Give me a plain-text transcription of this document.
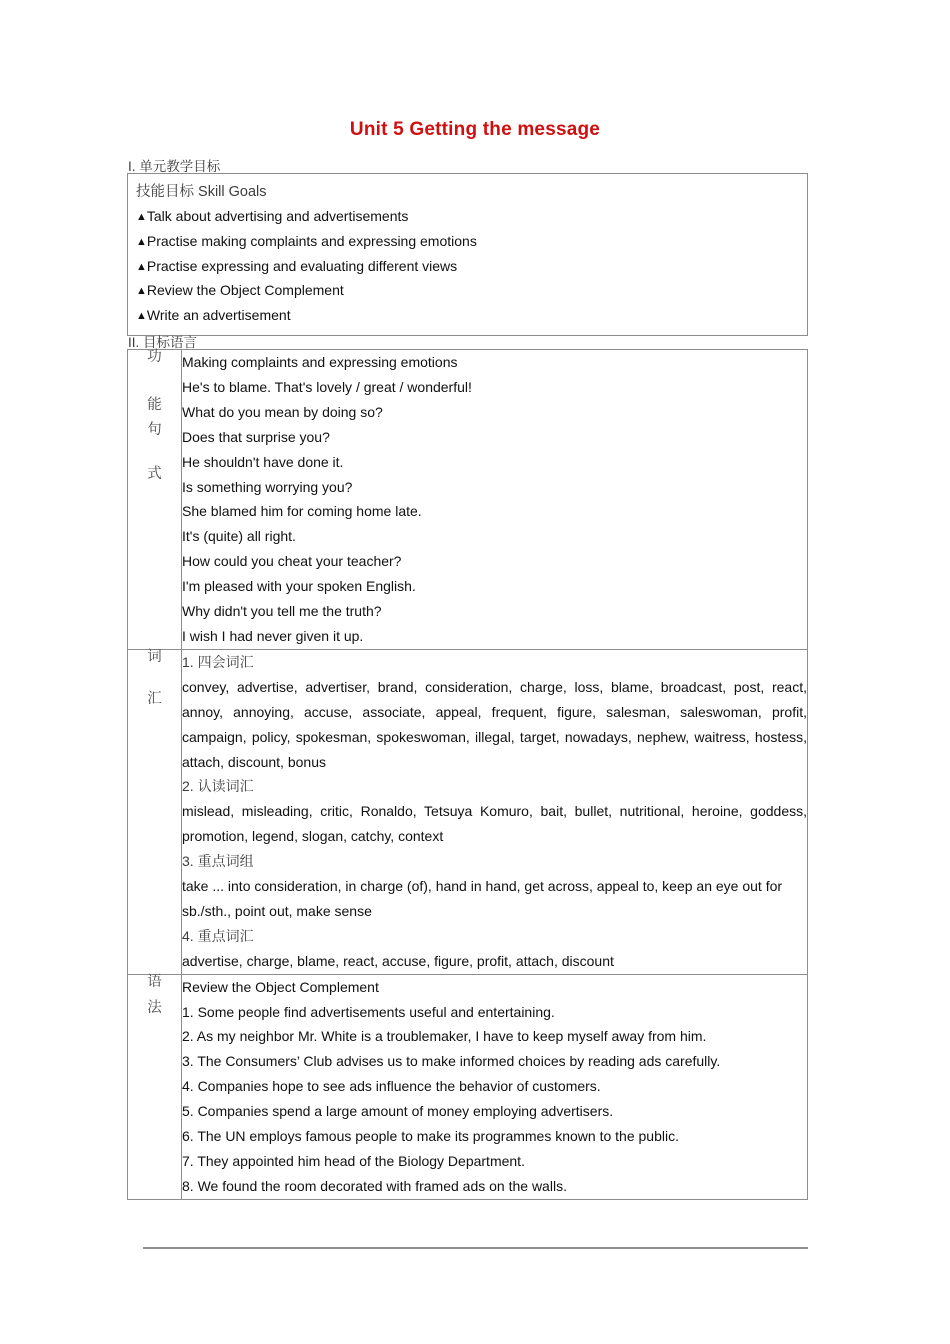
Unit 5 Getting the message
I. 单元教学目标
技能目标 Skill Goals
▲Talk about advertising and advertisements
▲Practise making complaints and expressing emotions
▲Practise expressing and evaluating different views
▲Review the Object Complement
▲Write an advertisement
II. 目标语言
功
能
句
式

Making complaints and expressing emotions
He's to blame. That's lovely / great / wonderful!
What do you mean by doing so?
Does that surprise you?
He shouldn't have done it.
Is something worrying you?
She blamed him for coming home late.
It's (quite) all right.
How could you cheat your teacher?
I'm pleased with your spoken English.
Why didn't you tell me the truth?
I wish I had never given it up.

词
汇

1. 四会词汇
convey, advertise, advertiser, brand, consideration, charge, loss, blame, broadcast, post, react, annoy, annoying, accuse, associate, appeal, frequent, figure, salesman, saleswoman, profit, campaign, policy, spokesman, spokeswoman, illegal, target, nowadays, nephew, waitress, hostess, attach, discount, bonus
2. 认读词汇
mislead, misleading, critic, Ronaldo, Tetsuya Komuro, bait, bullet, nutritional, heroine, goddess, promotion, legend, slogan, catchy, context
3. 重点词组
take ... into consideration, in charge (of), hand in hand, get across, appeal to, keep an eye out for sb./sth., point out, make sense
4. 重点词汇
advertise, charge, blame, react, accuse, figure, profit, attach, discount

语
法

Review the Object Complement
1. Some people find advertisements useful and entertaining.
2. As my neighbor Mr. White is a troublemaker, I have to keep myself away from him.
3. The Consumers’ Club advises us to make informed choices by reading ads carefully.
4. Companies hope to see ads influence the behavior of customers.
5. Companies spend a large amount of money employing advertisers.
6. The UN employs famous people to make its programmes known to the public.
7. They appointed him head of the Biology Department.
8. We found the room decorated with framed ads on the walls.
